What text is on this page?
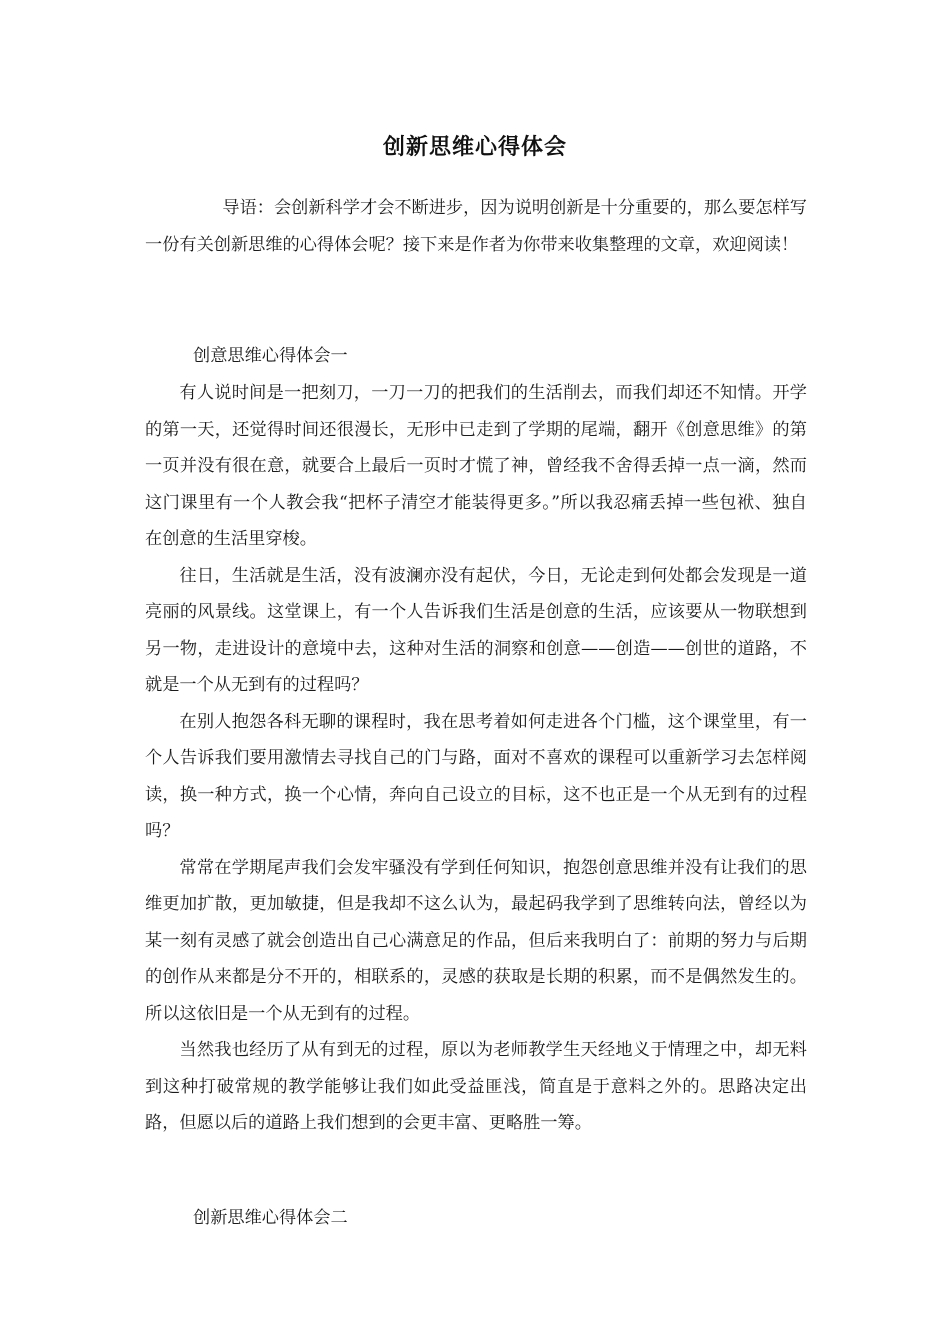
创新思维心得体会

导语：会创新科学才会不断进步，因为说明创新是十分重要的，那么要怎样写一份有关创新思维的心得体会呢？接下来是作者为你带来收集整理的文章，欢迎阅读！

创意思维心得体会一

有人说时间是一把刻刀，一刀一刀的把我们的生活削去，而我们却还不知情。开学的第一天，还觉得时间还很漫长，无形中已走到了学期的尾端，翻开《创意思维》的第一页并没有很在意，就要合上最后一页时才慌了神，曾经我不舍得丢掉一点一滴，然而这门课里有一个人教会我“把杯子清空才能装得更多。”所以我忍痛丢掉一些包袱、独自在创意的生活里穿梭。

往日，生活就是生活，没有波澜亦没有起伏，今日，无论走到何处都会发现是一道亮丽的风景线。这堂课上，有一个人告诉我们生活是创意的生活，应该要从一物联想到另一物，走进设计的意境中去，这种对生活的洞察和创意——创造——创世的道路，不就是一个从无到有的过程吗？

在别人抱怨各科无聊的课程时，我在思考着如何走进各个门槛，这个课堂里，有一个人告诉我们要用激情去寻找自己的门与路，面对不喜欢的课程可以重新学习去怎样阅读，换一种方式，换一个心情，奔向自己设立的目标，这不也正是一个从无到有的过程吗？

常常在学期尾声我们会发牢骚没有学到任何知识，抱怨创意思维并没有让我们的思维更加扩散，更加敏捷，但是我却不这么认为，最起码我学到了思维转向法，曾经以为某一刻有灵感了就会创造出自己心满意足的作品，但后来我明白了：前期的努力与后期的创作从来都是分不开的，相联系的，灵感的获取是长期的积累，而不是偶然发生的。所以这依旧是一个从无到有的过程。

当然我也经历了从有到无的过程，原以为老师教学生天经地义于情理之中，却无料到这种打破常规的教学能够让我们如此受益匪浅，简直是于意料之外的。思路决定出路，但愿以后的道路上我们想到的会更丰富、更略胜一筹。

创新思维心得体会二
